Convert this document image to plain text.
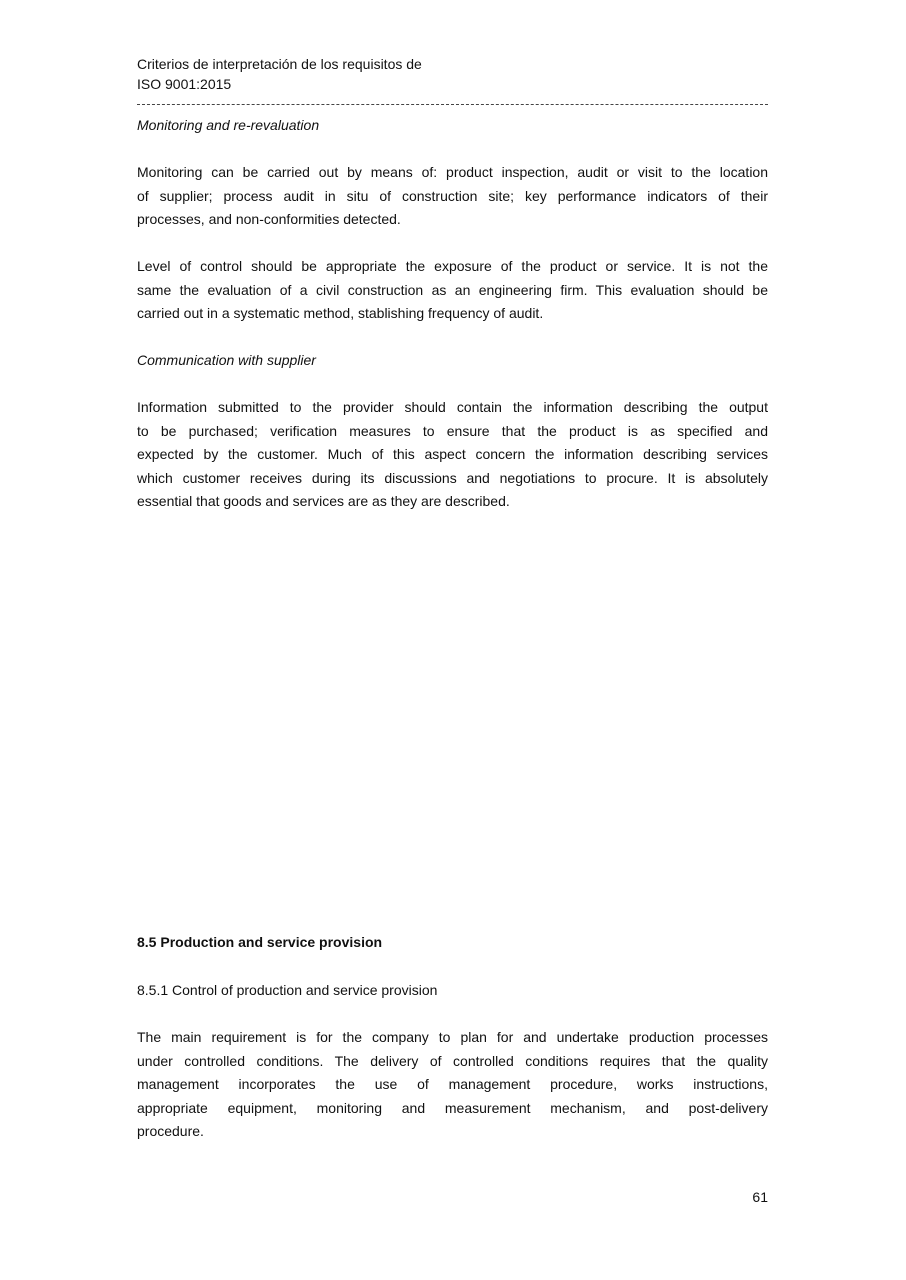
Criterios de interpretación de los requisitos de
ISO 9001:2015
Monitoring and re-revaluation
Monitoring can be carried out by means of: product inspection, audit or visit to the location
of supplier; process audit in situ of construction site; key performance indicators of their
processes, and non-conformities detected.
Level of control should be appropriate the exposure of the product or service. It is not the
same the evaluation of a civil construction as an engineering firm. This evaluation should be
carried out in a systematic method, stablishing frequency of audit.
Communication with supplier
Information submitted to the provider should contain the information describing the output
to be purchased; verification measures to ensure that the product is as specified and
expected by the customer. Much of this aspect concern the information describing services
which customer receives during its discussions and negotiations to procure. It is absolutely
essential that goods and services are as they are described.
8.5 Production and service provision
8.5.1 Control of production and service provision
The main requirement is for the company to plan for and undertake production processes
under controlled conditions. The delivery of controlled conditions requires that the quality
management incorporates the use of management procedure, works instructions,
appropriate equipment, monitoring and measurement mechanism, and post-delivery
procedure.
61
